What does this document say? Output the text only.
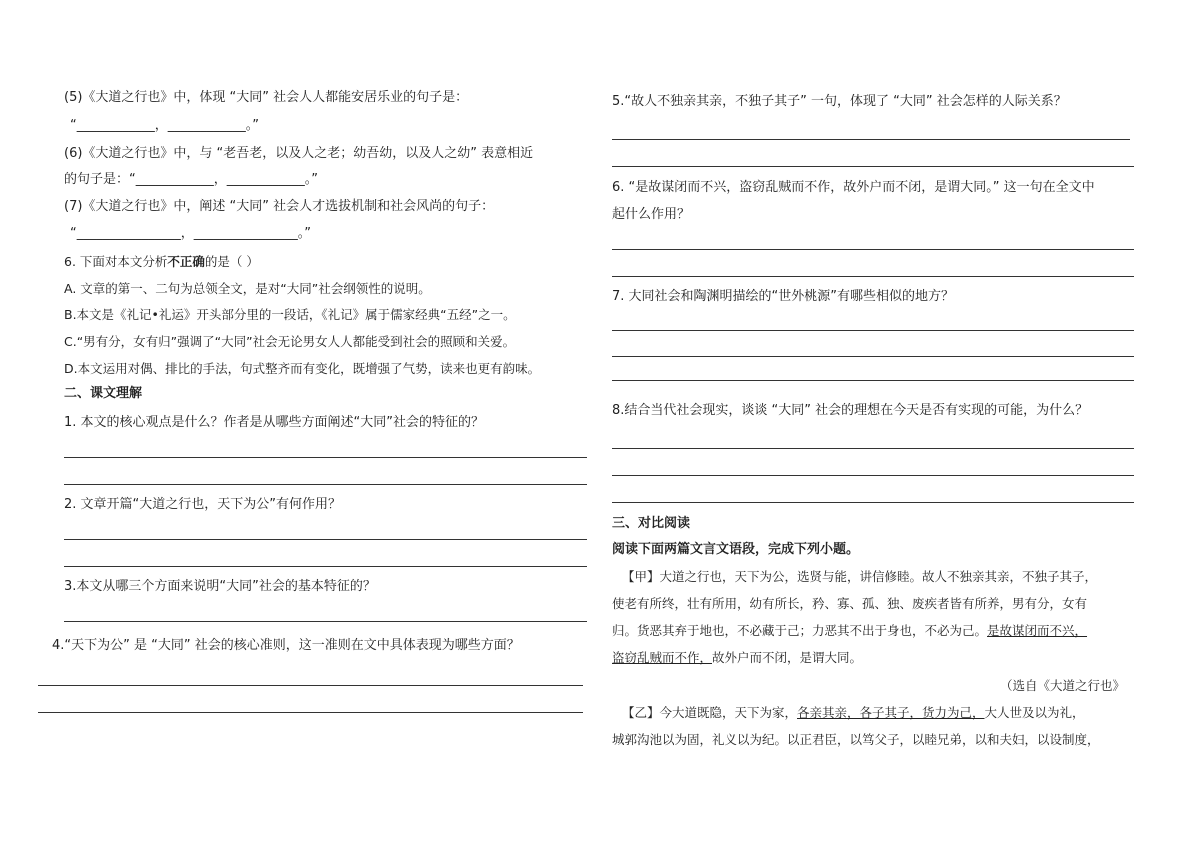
(5)《大道之行也》中，体现 “大同” 社会人人都能安居乐业的句子是：
“____________，____________。”
(6)《大道之行也》中，与 “老吾老，以及人之老；幼吾幼，以及人之幼” 表意相近
的句子是：“____________，____________。”
(7)《大道之行也》中，阐述 “大同” 社会人才选拔机制和社会风尚的句子：
“________________，________________。”
6. 下面对本文分析不正确的是（ ）
A. 文章的第一、二句为总领全文，是对“大同”社会纲领性的说明。
B.本文是《礼记•礼运》开头部分里的一段话，《礼记》属于儒家经典“五经”之一。
C.“男有分，女有归”强调了“大同”社会无论男女人人都能受到社会的照顾和关爱。
D.本文运用对偶、排比的手法，句式整齐而有变化，既增强了气势，读来也更有韵味。
二、课文理解
1. 本文的核心观点是什么？作者是从哪些方面阐述“大同”社会的特征的？
2. 文章开篇“大道之行也，天下为公”有何作用？
3.本文从哪三个方面来说明“大同”社会的基本特征的？
4.“天下为公” 是 “大同” 社会的核心准则，这一准则在文中具体表现为哪些方面？
5.“故人不独亲其亲，不独子其子” 一句，体现了 “大同” 社会怎样的人际关系？
6. “是故谋闭而不兴，盗窃乱贼而不作，故外户而不闭，是谓大同。” 这一句在全文中
起什么作用？
7. 大同社会和陶渊明描绘的“世外桃源”有哪些相似的地方？
8.结合当代社会现实，谈谈 “大同” 社会的理想在今天是否有实现的可能，为什么？
三、对比阅读
阅读下面两篇文言文语段，完成下列小题。
【甲】大道之行也，天下为公，选贤与能，讲信修睦。故人不独亲其亲，不独子其子，
使老有所终，壮有所用，幼有所长，矜、寡、孤、独、废疾者皆有所养，男有分，女有
归。货恶其弃于地也，不必藏于己；力恶其不出于身也，不必为己。是故谋闭而不兴，
盗窃乱贼而不作，故外户而不闭，是谓大同。
（选自《大道之行也》
【乙】今大道既隐，天下为家，各亲其亲，各子其子，货力为己，大人世及以为礼，
城郭沟池以为固，礼义以为纪。以正君臣，以笃父子，以睦兄弟，以和夫妇，以设制度，
